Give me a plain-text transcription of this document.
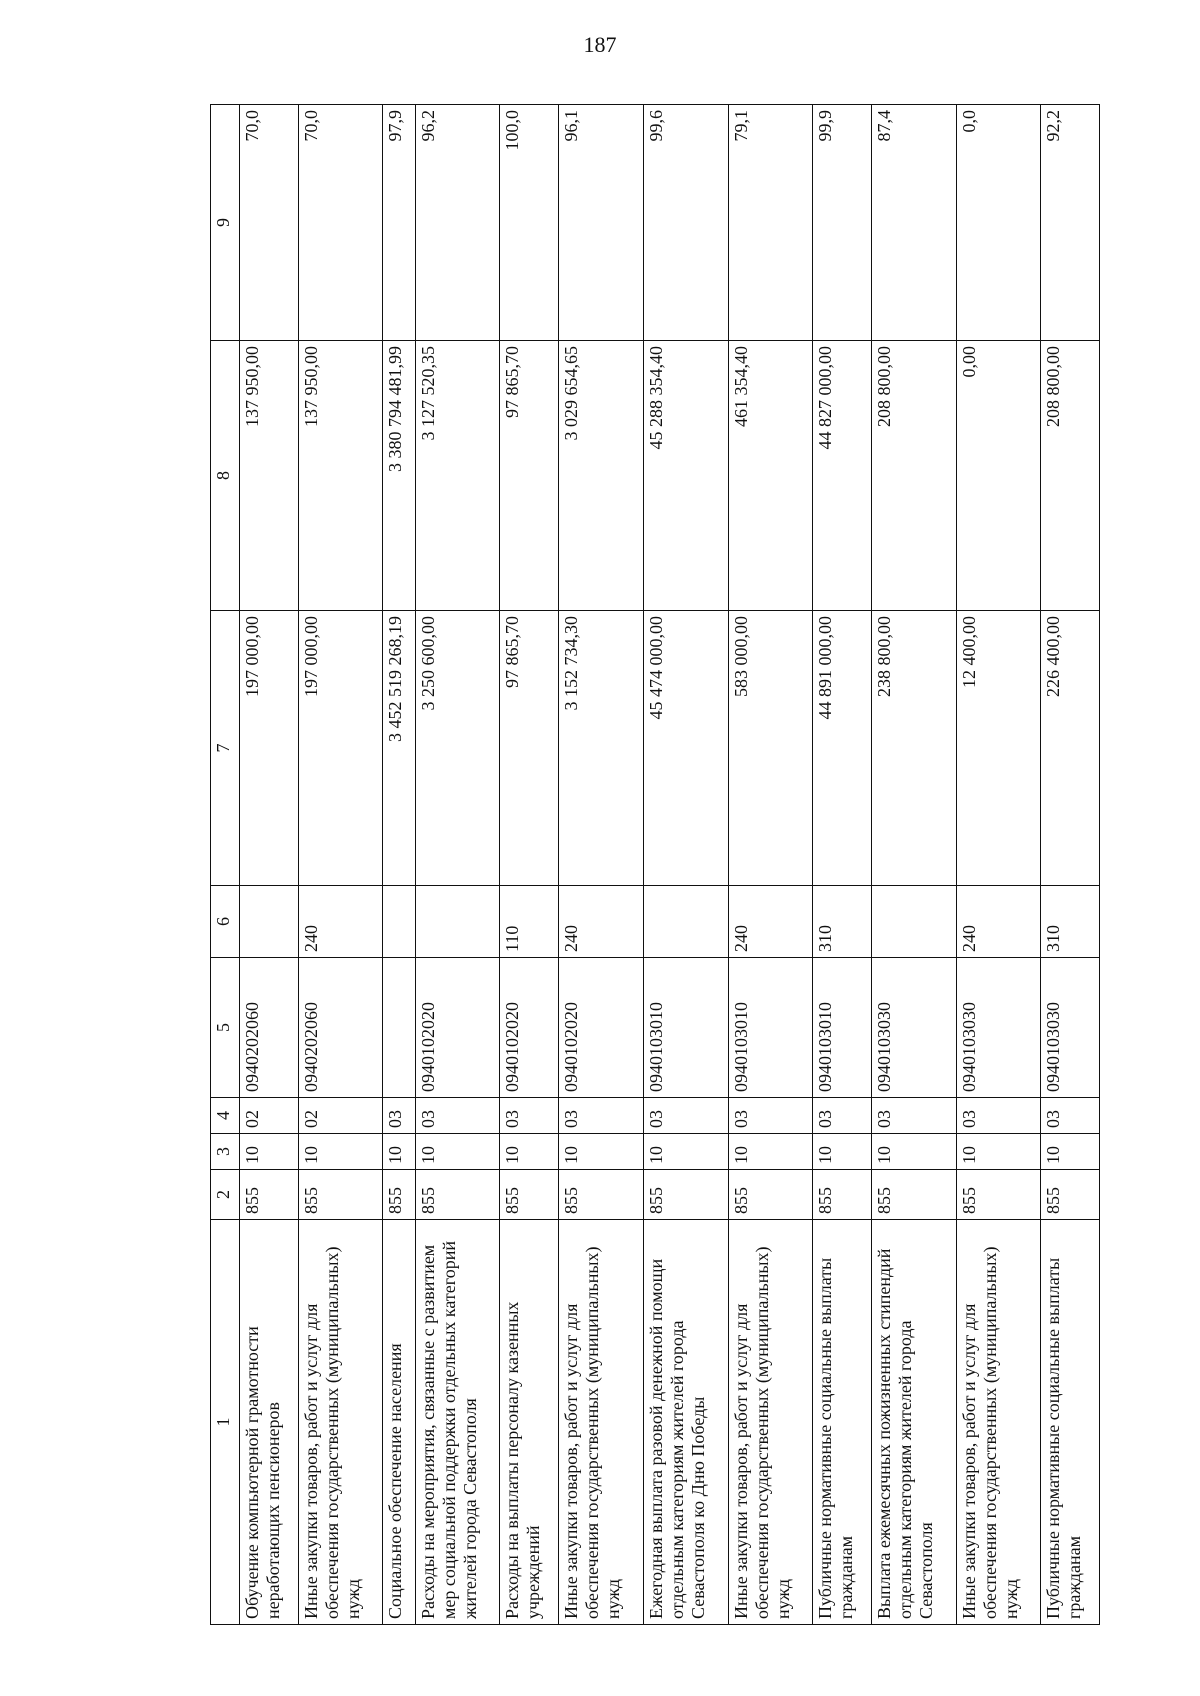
187
1	2	3	4	5	6	7	8	9
Обучение компьютерной грамотности неработающих пенсионеров	855	10	02	0940202060		197 000,00	137 950,00	70,0
Иные закупки товаров, работ и услуг для обеспечения государственных (муниципальных) нужд	855	10	02	0940202060	240	197 000,00	137 950,00	70,0
Социальное обеспечение населения	855	10	03			3 452 519 268,19	3 380 794 481,99	97,9
Расходы на мероприятия, связанные с развитием мер социальной поддержки отдельных категорий жителей города Севастополя	855	10	03	0940102020		3 250 600,00	3 127 520,35	96,2
Расходы на выплаты персоналу казенных учреждений	855	10	03	0940102020	110	97 865,70	97 865,70	100,0
Иные закупки товаров, работ и услуг для обеспечения государственных (муниципальных) нужд	855	10	03	0940102020	240	3 152 734,30	3 029 654,65	96,1
Ежегодная выплата разовой денежной помощи отдельным категориям жителей города Севастополя ко Дню Победы	855	10	03	0940103010		45 474 000,00	45 288 354,40	99,6
Иные закупки товаров, работ и услуг для обеспечения государственных (муниципальных) нужд	855	10	03	0940103010	240	583 000,00	461 354,40	79,1
Публичные нормативные социальные выплаты гражданам	855	10	03	0940103010	310	44 891 000,00	44 827 000,00	99,9
Выплата ежемесячных пожизненных стипендий отдельным категориям жителей города Севастополя	855	10	03	0940103030		238 800,00	208 800,00	87,4
Иные закупки товаров, работ и услуг для обеспечения государственных (муниципальных) нужд	855	10	03	0940103030	240	12 400,00	0,00	0,0
Публичные нормативные социальные выплаты гражданам	855	10	03	0940103030	310	226 400,00	208 800,00	92,2
